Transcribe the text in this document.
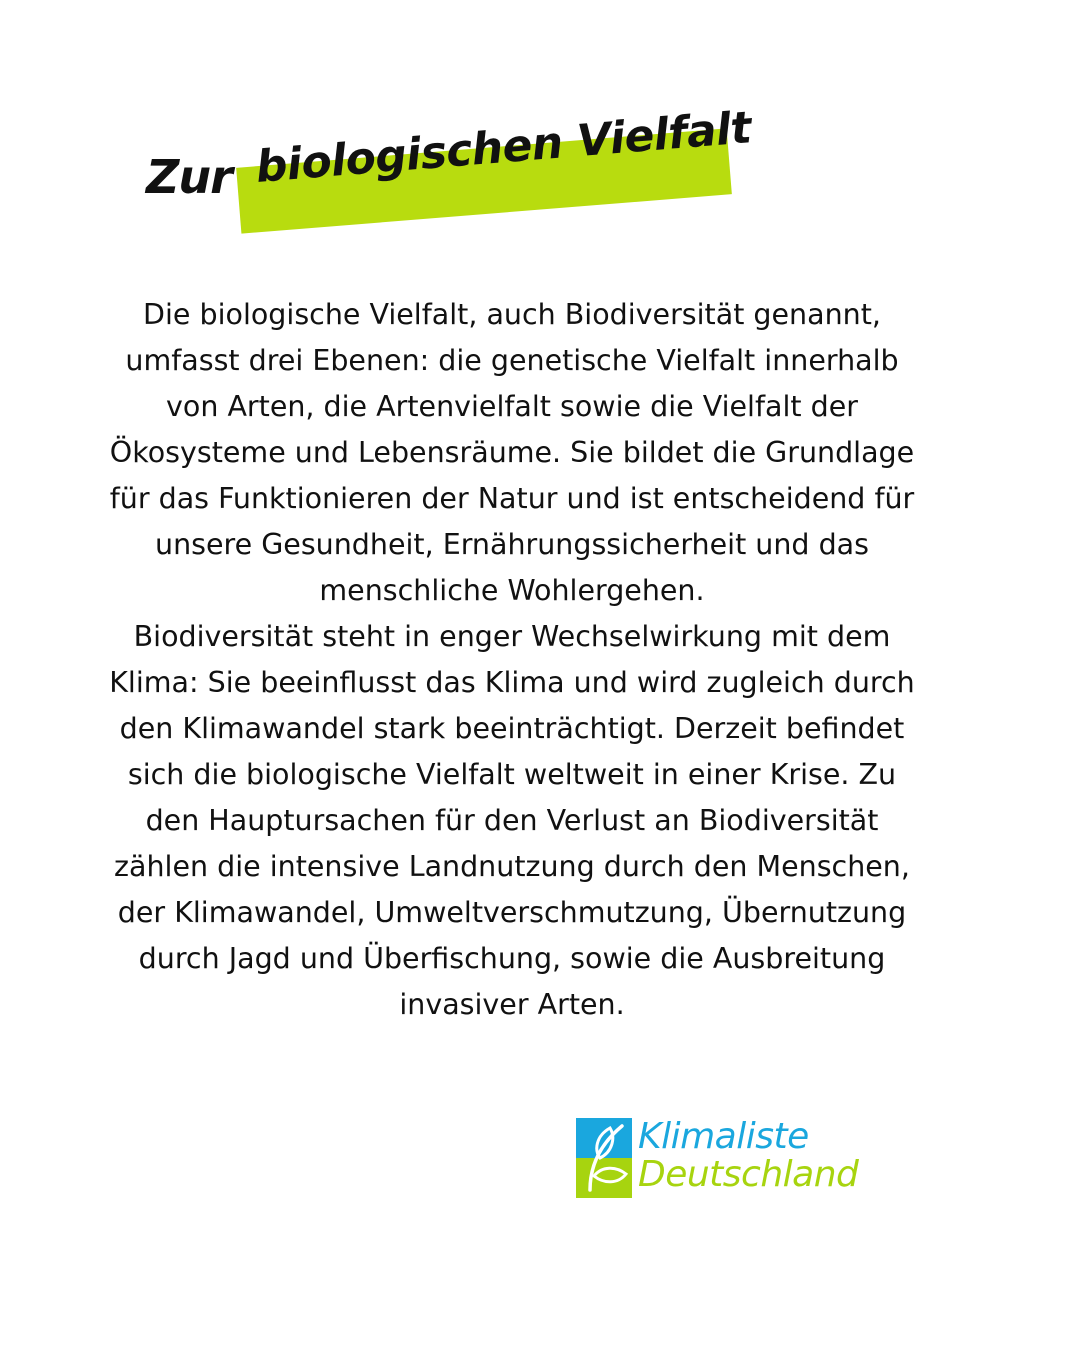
Zur biologischen Vielfalt

Die biologische Vielfalt, auch Biodiversität genannt, umfasst drei Ebenen: die genetische Vielfalt innerhalb von Arten, die Artenvielfalt sowie die Vielfalt der Ökosysteme und Lebensräume. Sie bildet die Grundlage für das Funktionieren der Natur und ist entscheidend für unsere Gesundheit, Ernährungssicherheit und das menschliche Wohlergehen.

Biodiversität steht in enger Wechselwirkung mit dem Klima: Sie beeinflusst das Klima und wird zugleich durch den Klimawandel stark beeinträchtigt. Derzeit befindet sich die biologische Vielfalt weltweit in einer Krise. Zu den Hauptursachen für den Verlust an Biodiversität zählen die intensive Landnutzung durch den Menschen, der Klimawandel, Umweltverschmutzung, Übernutzung durch Jagd und Überfischung, sowie die Ausbreitung invasiver Arten.

Klimaliste
Deutschland
